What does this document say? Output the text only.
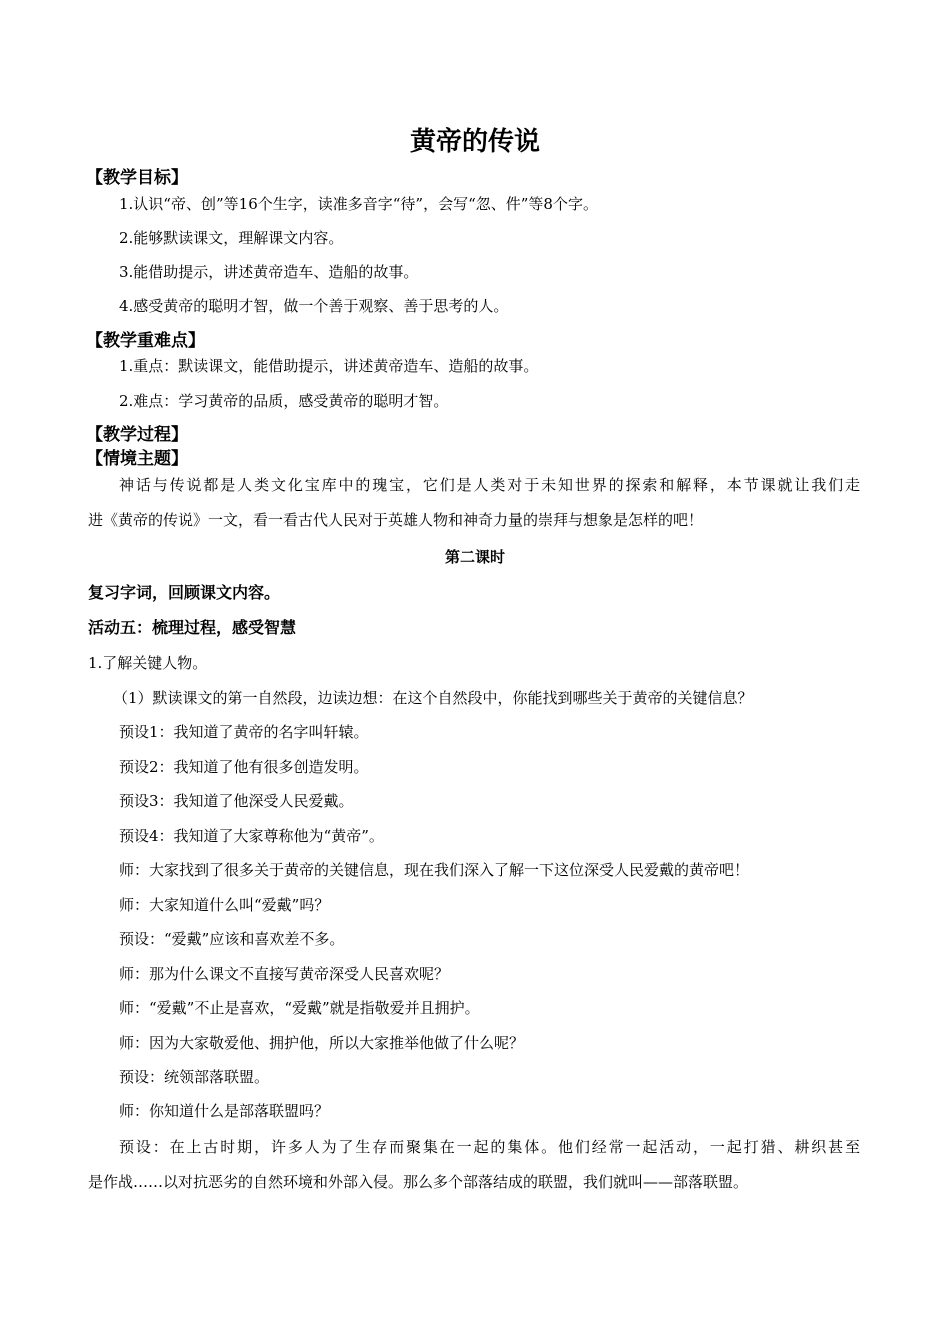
黄帝的传说
【教学目标】
1.认识“帝、创”等16个生字，读准多音字“待”，会写“忽、件”等8个字。
2.能够默读课文，理解课文内容。
3.能借助提示，讲述黄帝造车、造船的故事。
4.感受黄帝的聪明才智，做一个善于观察、善于思考的人。
【教学重难点】
1.重点：默读课文，能借助提示，讲述黄帝造车、造船的故事。
2.难点：学习黄帝的品质，感受黄帝的聪明才智。
【教学过程】
【情境主题】
神话与传说都是人类文化宝库中的瑰宝，它们是人类对于未知世界的探索和解释，本节课就让我们走
进《黄帝的传说》一文，看一看古代人民对于英雄人物和神奇力量的崇拜与想象是怎样的吧！
第二课时
复习字词，回顾课文内容。
活动五：梳理过程，感受智慧
1.了解关键人物。
（1）默读课文的第一自然段，边读边想：在这个自然段中，你能找到哪些关于黄帝的关键信息？
预设1：我知道了黄帝的名字叫轩辕。
预设2：我知道了他有很多创造发明。
预设3：我知道了他深受人民爱戴。
预设4：我知道了大家尊称他为“黄帝”。
师：大家找到了很多关于黄帝的关键信息，现在我们深入了解一下这位深受人民爱戴的黄帝吧！
师：大家知道什么叫“爱戴”吗？
预设：“爱戴”应该和喜欢差不多。
师：那为什么课文不直接写黄帝深受人民喜欢呢？
师：“爱戴”不止是喜欢，“爱戴”就是指敬爱并且拥护。
师：因为大家敬爱他、拥护他，所以大家推举他做了什么呢？
预设：统领部落联盟。
师：你知道什么是部落联盟吗？
预设：在上古时期，许多人为了生存而聚集在一起的集体。他们经常一起活动，一起打猎、耕织甚至
是作战……以对抗恶劣的自然环境和外部入侵。那么多个部落结成的联盟，我们就叫——部落联盟。
